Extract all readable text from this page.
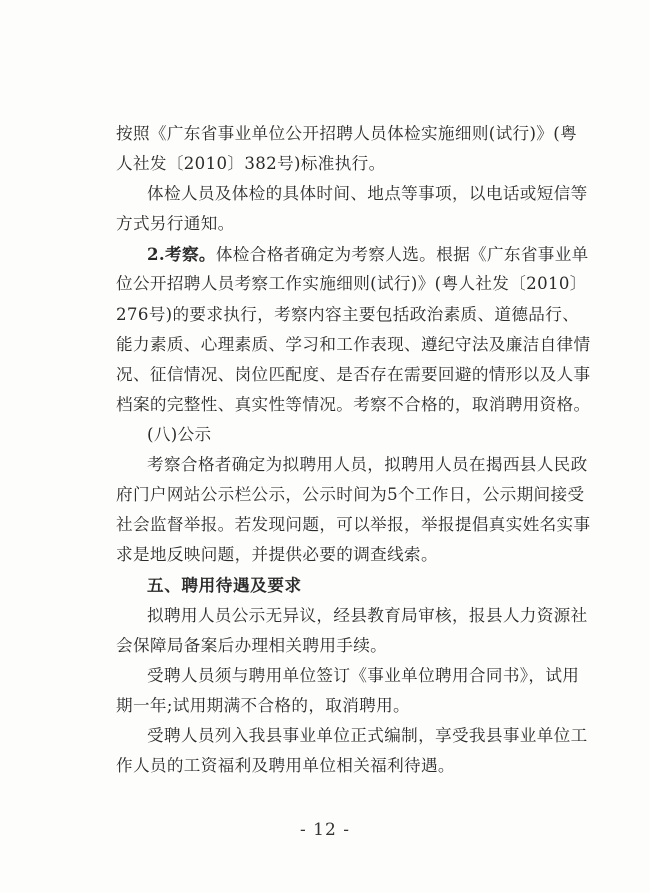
按照《广东省事业单位公开招聘人员体检实施细则(试行)》(粤
人社发〔2010〕382号)标准执行。
体检人员及体检的具体时间、地点等事项，以电话或短信等
方式另行通知。
2.考察。体检合格者确定为考察人选。根据《广东省事业单
位公开招聘人员考察工作实施细则(试行)》(粤人社发〔2010〕
276号)的要求执行，考察内容主要包括政治素质、道德品行、
能力素质、心理素质、学习和工作表现、遵纪守法及廉洁自律情
况、征信情况、岗位匹配度、是否存在需要回避的情形以及人事
档案的完整性、真实性等情况。考察不合格的，取消聘用资格。
(八)公示
考察合格者确定为拟聘用人员，拟聘用人员在揭西县人民政
府门户网站公示栏公示，公示时间为5个工作日，公示期间接受
社会监督举报。若发现问题，可以举报，举报提倡真实姓名实事
求是地反映问题，并提供必要的调查线索。
五、聘用待遇及要求
拟聘用人员公示无异议，经县教育局审核，报县人力资源社
会保障局备案后办理相关聘用手续。
受聘人员须与聘用单位签订《事业单位聘用合同书》，试用
期一年;试用期满不合格的，取消聘用。
受聘人员列入我县事业单位正式编制，享受我县事业单位工
作人员的工资福利及聘用单位相关福利待遇。
- 12 -
